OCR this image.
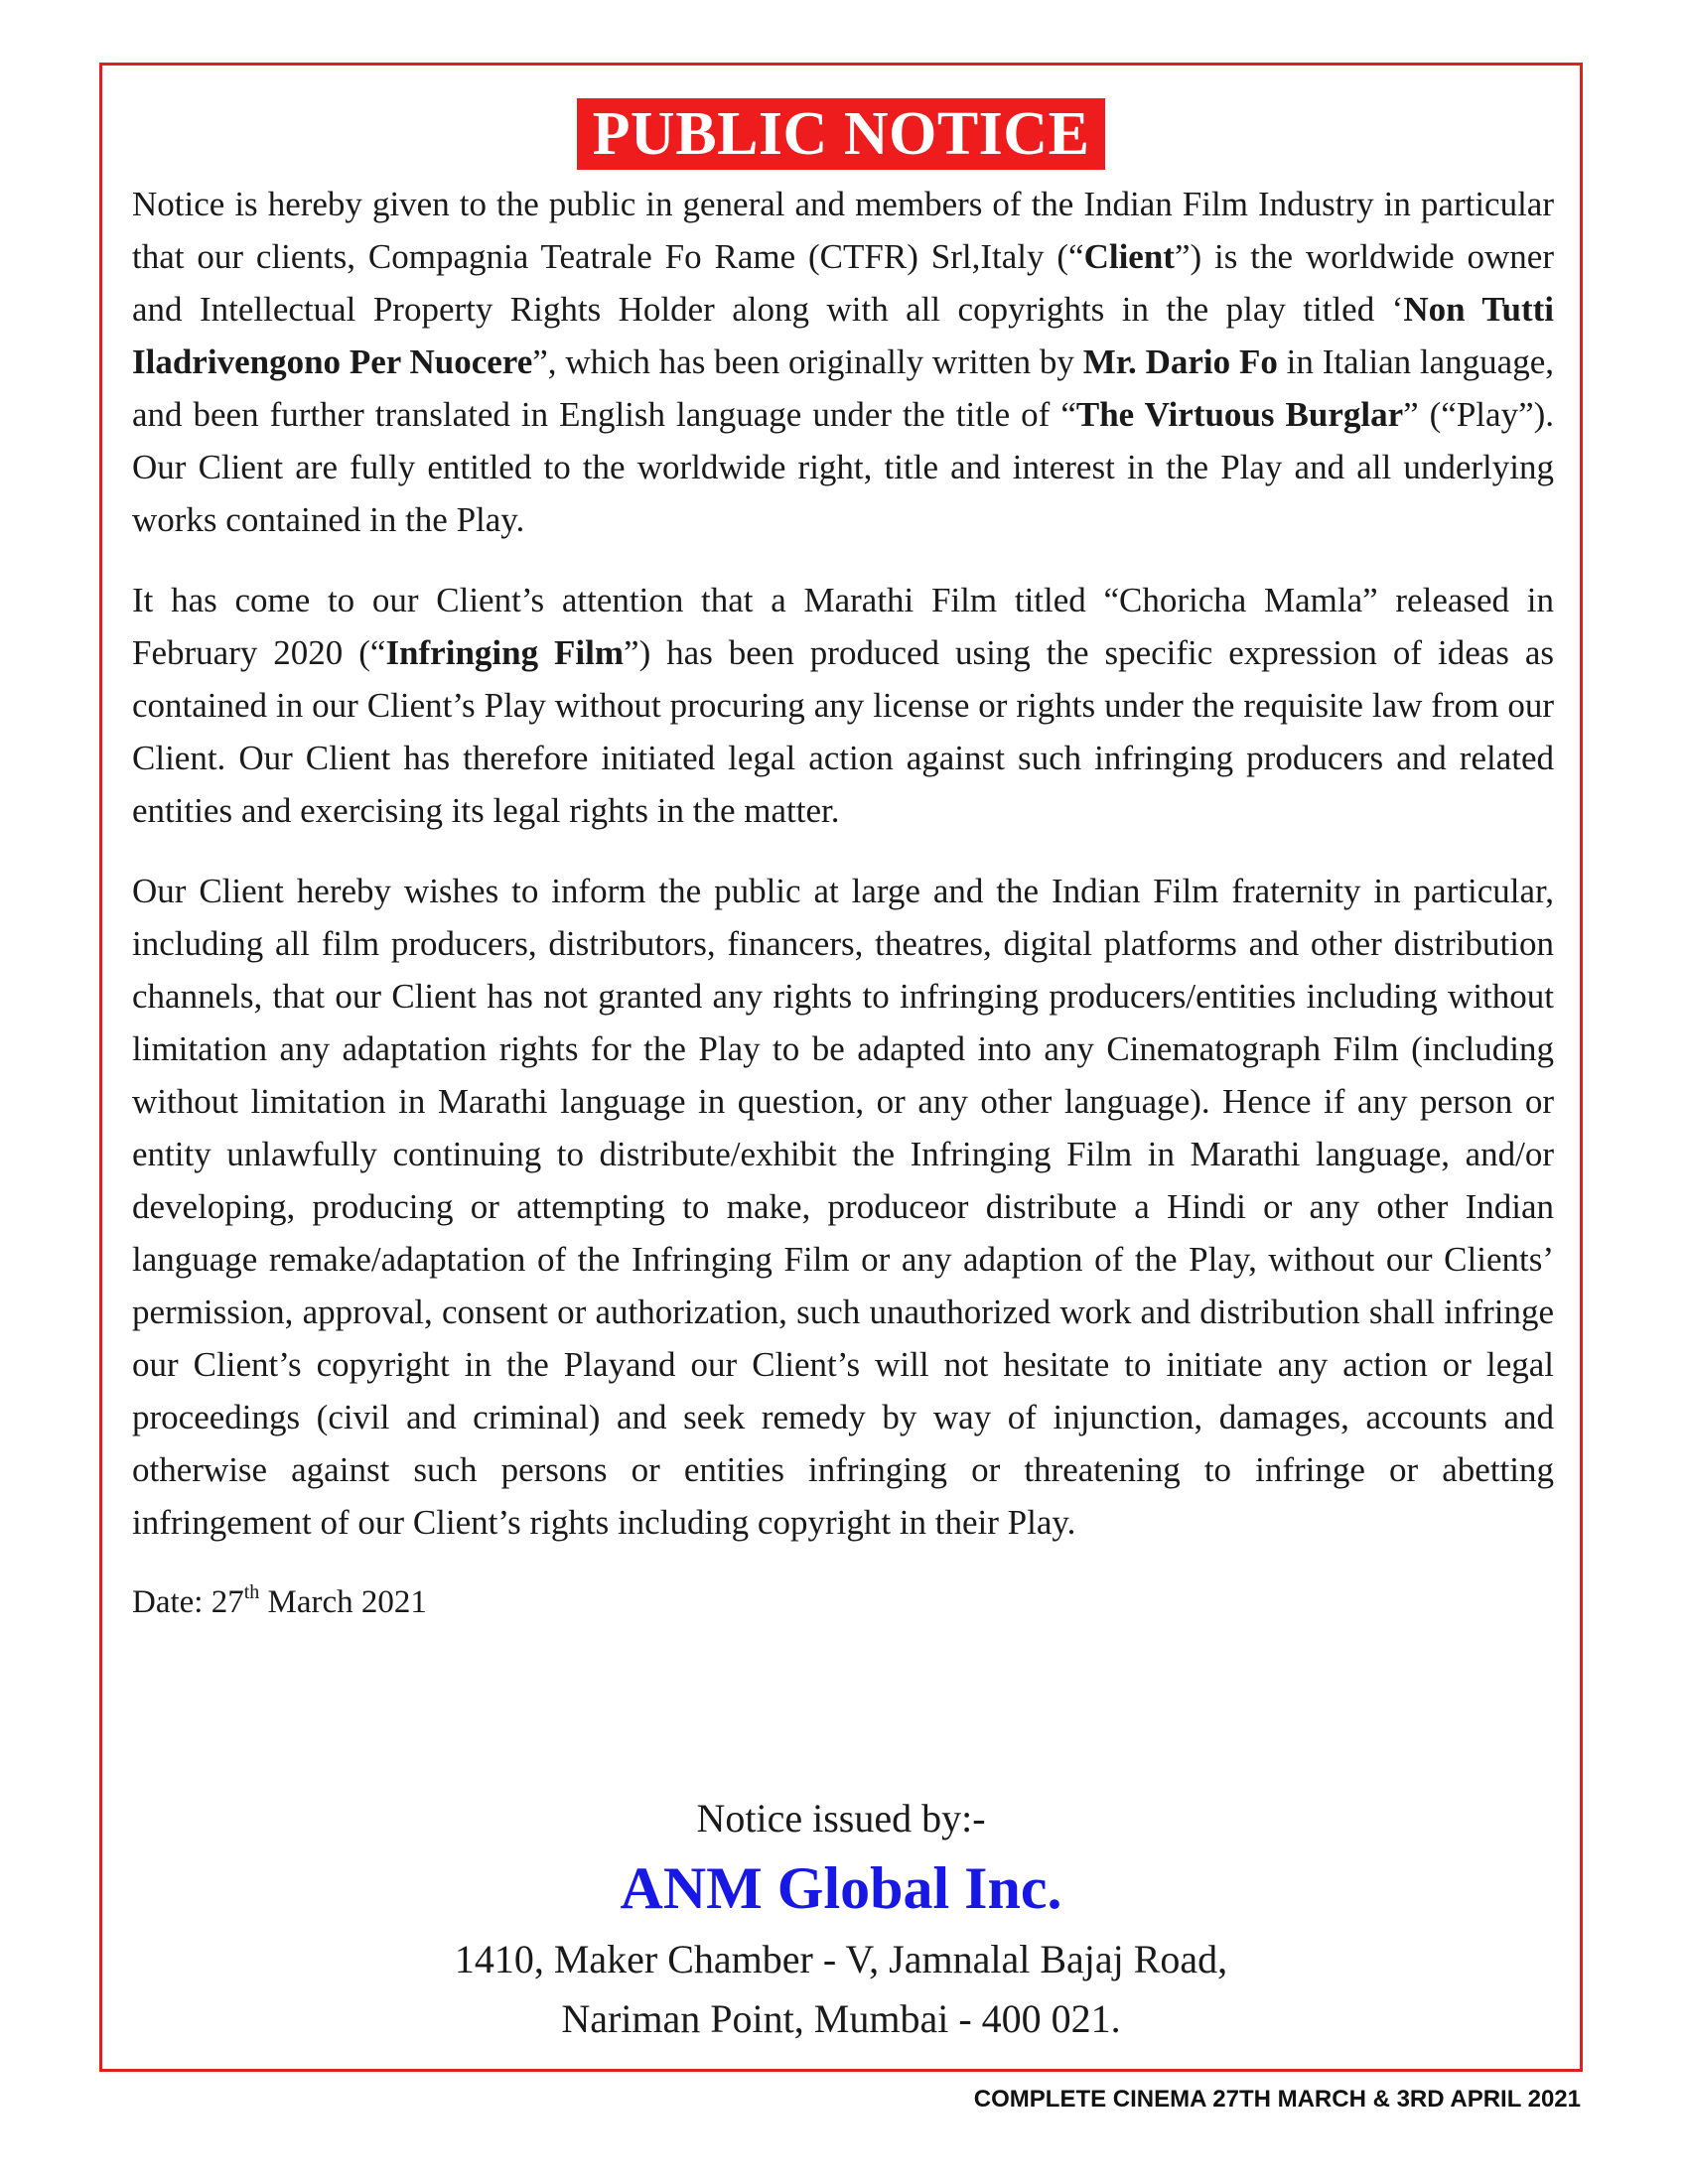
PUBLIC NOTICE

Notice is hereby given to the public in general and members of the Indian Film Industry in particular that our clients, Compagnia Teatrale Fo Rame (CTFR) Srl,Italy (“Client”) is the worldwide owner and Intellectual Property Rights Holder along with all copyrights in the play titled ‘Non Tutti Iladrivengono Per Nuocere”, which has been originally written by Mr. Dario Fo in Italian language, and been further translated in English language under the title of “The Virtuous Burglar” (“Play”). Our Client are fully entitled to the worldwide right, title and interest in the Play and all underlying works contained in the Play.

It has come to our Client’s attention that a Marathi Film titled “Choricha Mamla” released in February 2020 (“Infringing Film”) has been produced using the specific expression of ideas as contained in our Client’s Play without procuring any license or rights under the requisite law from our Client. Our Client has therefore initiated legal action against such infringing producers and related entities and exercising its legal rights in the matter.

Our Client hereby wishes to inform the public at large and the Indian Film fraternity in particular, including all film producers, distributors, financers, theatres, digital platforms and other distribution channels, that our Client has not granted any rights to infringing producers/entities including without limitation any adaptation rights for the Play to be adapted into any Cinematograph Film (including without limitation in Marathi language in question, or any other language). Hence if any person or entity unlawfully continuing to distribute/exhibit the Infringing Film in Marathi language, and/or developing, producing or attempting to make, produceor distribute a Hindi or any other Indian language remake/adaptation of the Infringing Film or any adaption of the Play, without our Clients’ permission, approval, consent or authorization, such unauthorized work and distribution shall infringe our Client’s copyright in the Playand our Client’s will not hesitate to initiate any action or legal proceedings (civil and criminal) and seek remedy by way of injunction, damages, accounts and otherwise against such persons or entities infringing or threatening to infringe or abetting infringement of our Client’s rights including copyright in their Play.

Date: 27th March 2021
Notice issued by:-
ANM Global Inc.
1410, Maker Chamber - V, Jamnalal Bajaj Road,
Nariman Point, Mumbai - 400 021.
COMPLETE CINEMA 27TH MARCH & 3RD APRIL 2021
